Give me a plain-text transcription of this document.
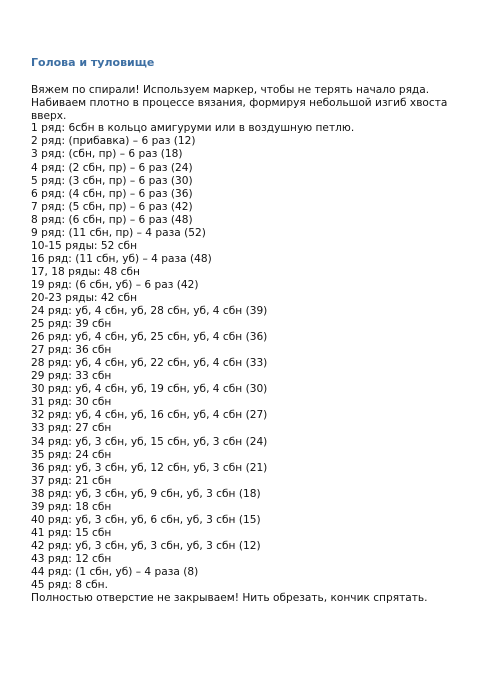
Голова и туловище

Вяжем по спирали! Используем маркер, чтобы не терять начало ряда. Набиваем плотно в процессе вязания, формируя небольшой изгиб хвоста вверх.

1 ряд: 6сбн в кольцо амигуруми или в воздушную петлю.
2 ряд: (прибавка) – 6 раз (12)
3 ряд: (сбн, пр) – 6 раз (18)
4 ряд: (2 сбн, пр) – 6 раз (24)
5 ряд: (3 сбн, пр) – 6 раз (30)
6 ряд: (4 сбн, пр) – 6 раз (36)
7 ряд: (5 сбн, пр) – 6 раз (42)
8 ряд: (6 сбн, пр) – 6 раз (48)
9 ряд: (11 сбн, пр) – 4 раза (52)
10-15 ряды: 52 сбн
16 ряд: (11 сбн, уб) – 4 раза (48)
17, 18 ряды: 48 сбн
19 ряд: (6 сбн, уб) – 6 раз (42)
20-23 ряды: 42 сбн
24 ряд: уб, 4 сбн, уб, 28 сбн, уб, 4 сбн (39)
25 ряд: 39 сбн
26 ряд: уб, 4 сбн, уб, 25 сбн, уб, 4 сбн (36)
27 ряд: 36 сбн
28 ряд: уб, 4 сбн, уб, 22 сбн, уб, 4 сбн (33)
29 ряд: 33 сбн
30 ряд: уб, 4 сбн, уб, 19 сбн, уб, 4 сбн (30)
31 ряд: 30 сбн
32 ряд: уб, 4 сбн, уб, 16 сбн, уб, 4 сбн (27)
33 ряд: 27 сбн
34 ряд: уб, 3 сбн, уб, 15 сбн, уб, 3 сбн (24)
35 ряд: 24 сбн
36 ряд: уб, 3 сбн, уб, 12 сбн, уб, 3 сбн (21)
37 ряд: 21 сбн
38 ряд: уб, 3 сбн, уб, 9 сбн, уб, 3 сбн (18)
39 ряд: 18 сбн
40 ряд: уб, 3 сбн, уб, 6 сбн, уб, 3 сбн (15)
41 ряд: 15 сбн
42 ряд: уб, 3 сбн, уб, 3 сбн, уб, 3 сбн (12)
43 ряд: 12 сбн
44 ряд: (1 сбн, уб) – 4 раза (8)
45 ряд: 8 сбн.

Полностью отверстие не закрываем! Нить обрезать, кончик спрятать.
